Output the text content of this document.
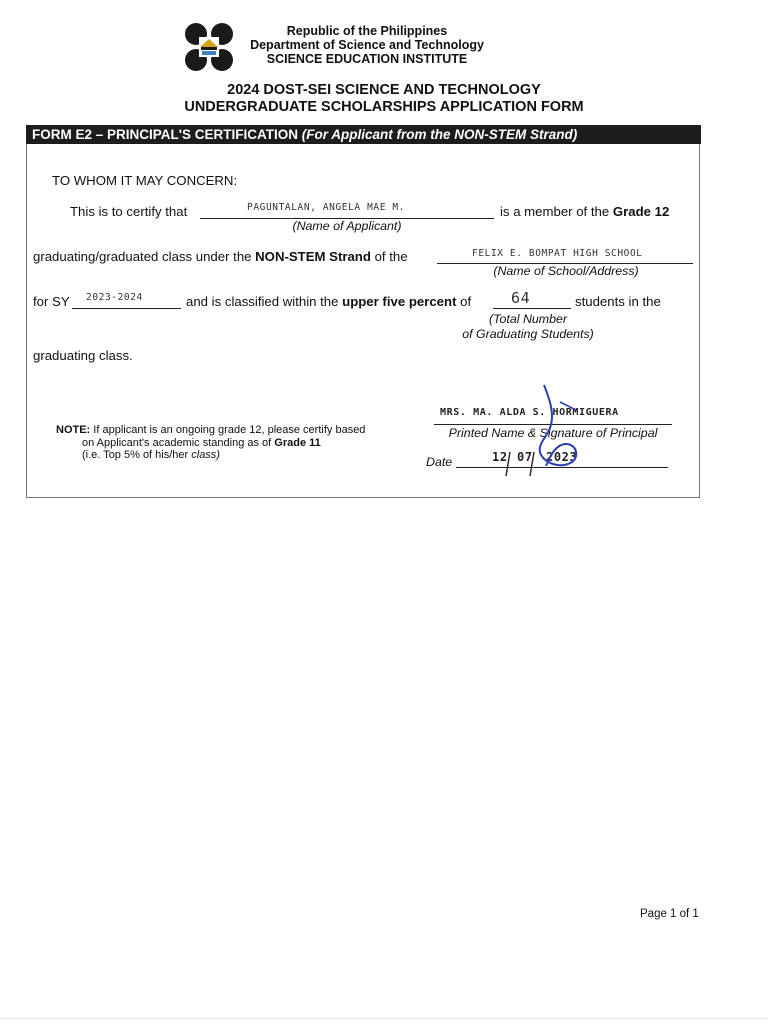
Republic of the Philippines
Department of Science and Technology
SCIENCE EDUCATION INSTITUTE
2024 DOST-SEI SCIENCE AND TECHNOLOGY
UNDERGRADUATE SCHOLARSHIPS APPLICATION FORM
FORM E2 – PRINCIPAL'S CERTIFICATION (For Applicant from the NON-STEM Strand)
TO WHOM IT MAY CONCERN:
This is to certify that	PAGUNTALAN, ANGELA MAE M.	is a member of the Grade 12
(Name of Applicant)
graduating/graduated class under the NON-STEM Strand of the	FELIX E. BOMPAT HIGH SCHOOL
(Name of School/Address)
for SY 2023-2024	and is classified within the upper five percent of	64	students in the
(Total Number
of Graduating Students)
graduating class.
NOTE: If applicant is an ongoing grade 12, please certify based
on Applicant's academic standing as of Grade 11
(i.e. Top 5% of his/her class)
MRS. MA. ALDA S. HORMIGUERA
Printed Name & Signature of Principal
Date	12 07 2023
Page 1 of 1
